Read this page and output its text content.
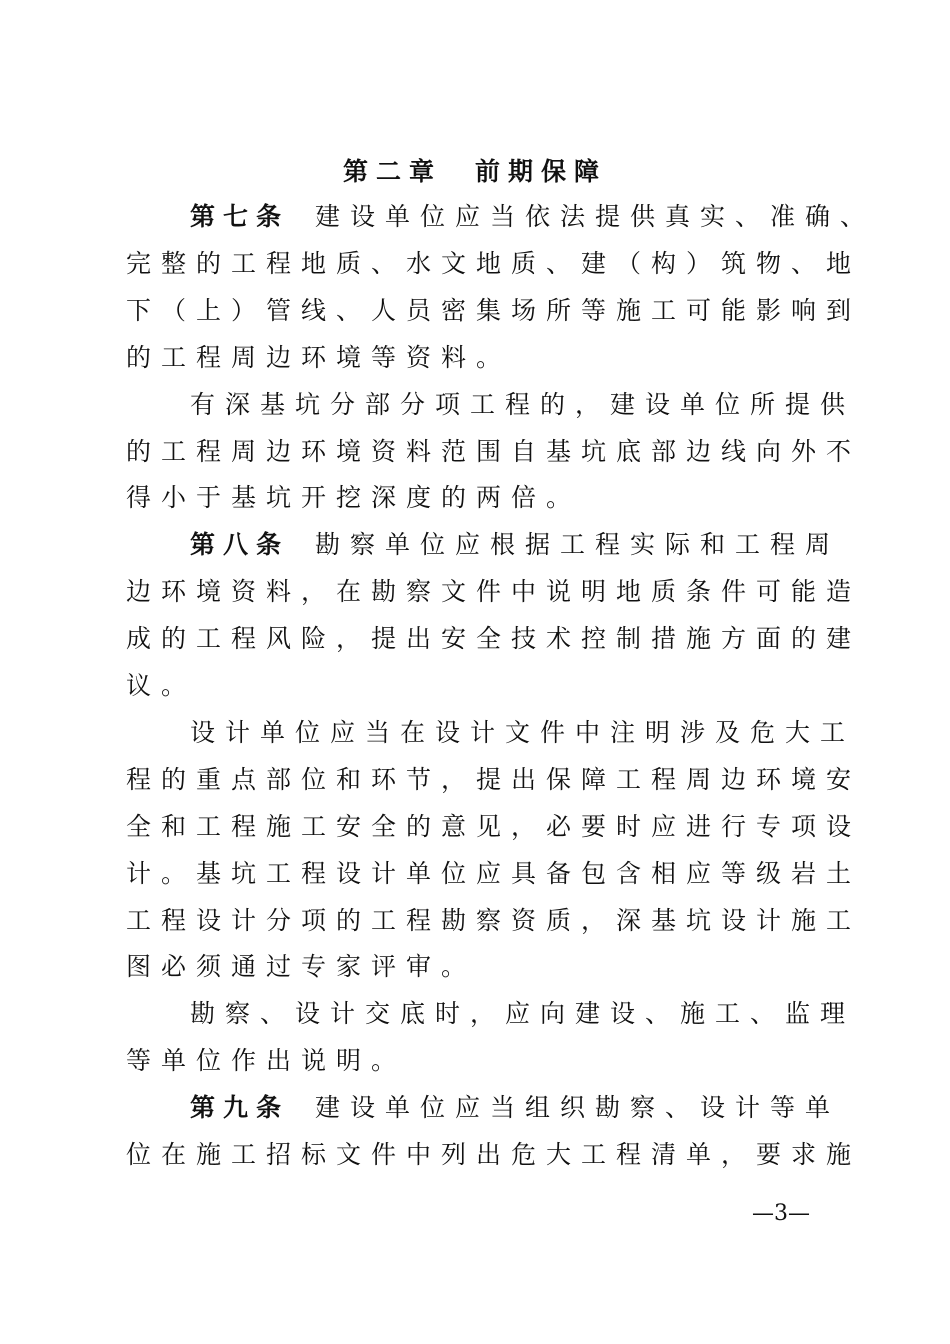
第二章　前期保障
第七条 建设单位应当依法提供真实、准确、
完整的工程地质、水文地质、建（构）筑物、地
下（上）管线、人员密集场所等施工可能影响到
的工程周边环境等资料。
有深基坑分部分项工程的，建设单位所提供
的工程周边环境资料范围自基坑底部边线向外不
得小于基坑开挖深度的两倍。
第八条 勘察单位应根据工程实际和工程周
边环境资料，在勘察文件中说明地质条件可能造
成的工程风险，提出安全技术控制措施方面的建
议。
设计单位应当在设计文件中注明涉及危大工
程的重点部位和环节，提出保障工程周边环境安
全和工程施工安全的意见，必要时应进行专项设
计。基坑工程设计单位应具备包含相应等级岩土
工程设计分项的工程勘察资质，深基坑设计施工
图必须通过专家评审。
勘察、设计交底时，应向建设、施工、监理
等单位作出说明。
第九条 建设单位应当组织勘察、设计等单
位在施工招标文件中列出危大工程清单，要求施
—3—
